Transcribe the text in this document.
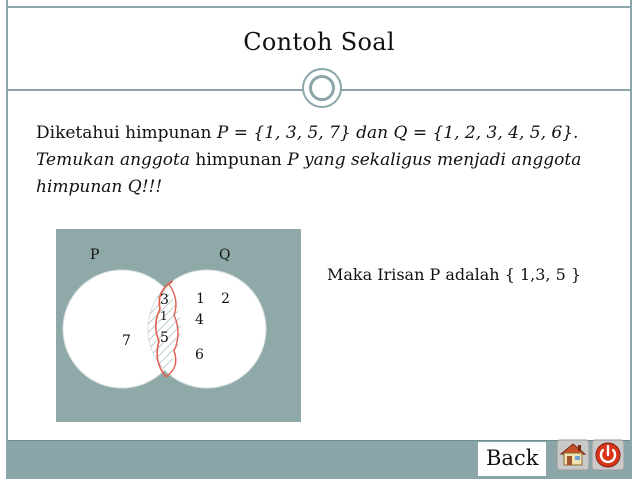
Contoh Soal
Diketahui himpunan P = {1, 3, 5, 7} dan Q = {1, 2, 3, 4, 5, 6}.
Temukan anggota himpunan P yang sekaligus menjadi anggota himpunan Q!!!
P	Q
7
3
1
5
1 2
4
6
Maka Irisan P adalah { 1,3, 5 }
Back
